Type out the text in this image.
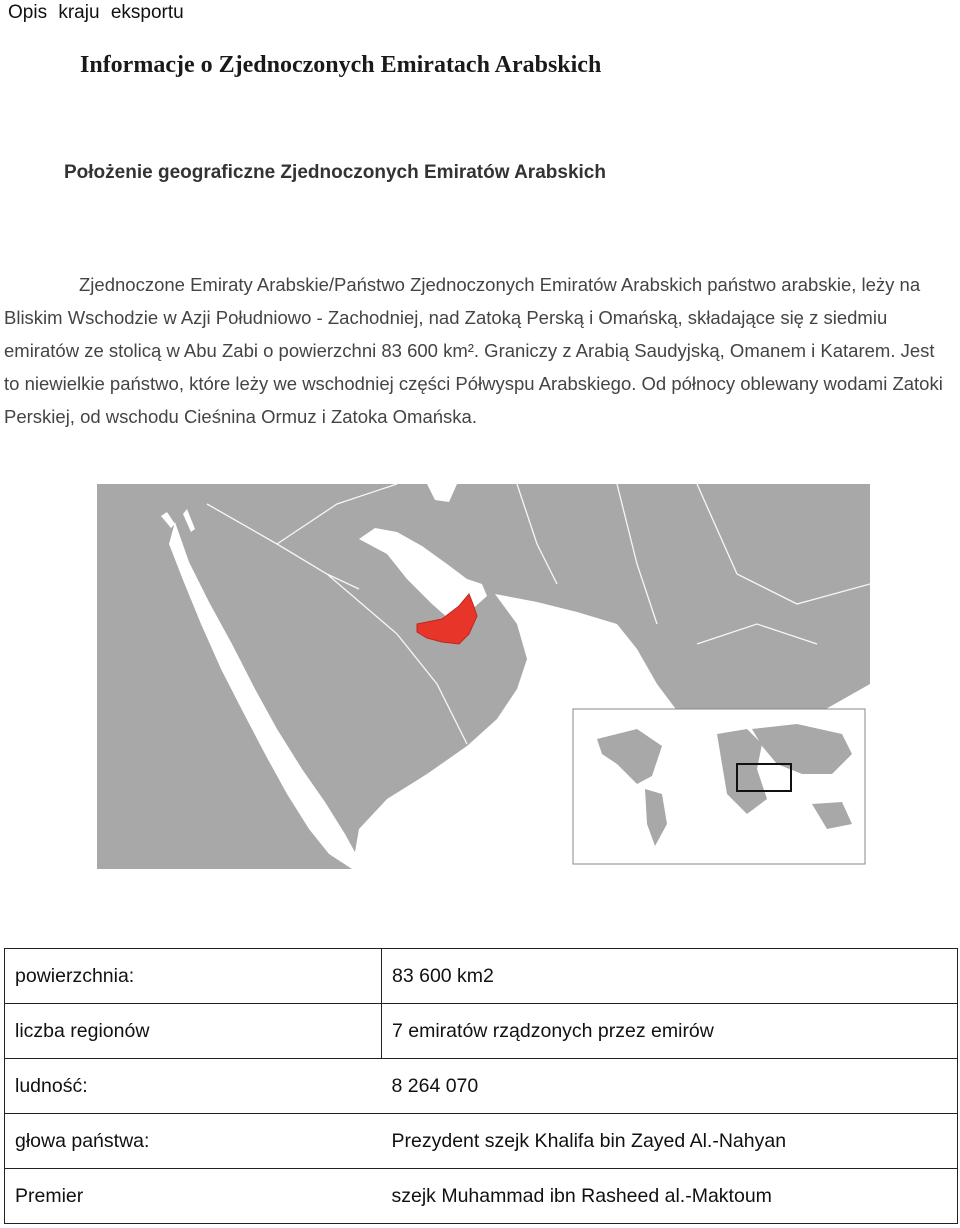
Opis kraju eksportu
Informacje o Zjednoczonych Emiratach Arabskich
Położenie geograficzne Zjednoczonych Emiratów Arabskich
Zjednoczone Emiraty Arabskie/Państwo Zjednoczonych Emiratów Arabskich państwo arabskie, leży na Bliskim Wschodzie w Azji Południowo - Zachodniej, nad Zatoką Perską i Omańską, składające się z siedmiu emiratów ze stolicą w Abu Zabi o powierzchni 83 600 km². Graniczy z Arabią Saudyjską, Omanem i Katarem. Jest to niewielkie państwo, które leży we wschodniej części Półwyspu Arabskiego. Od północy oblewany wodami Zatoki Perskiej, od wschodu Cieśnina Ormuz i Zatoka Omańska.
powierzchnia:	83 600 km2
liczba regionów	7 emiratów rządzonych przez emirów
ludność:	8 264 070
głowa państwa:	Prezydent szejk Khalifa bin Zayed Al.-Nahyan
Premier	szejk Muhammad ibn Rasheed al.-Maktoum
